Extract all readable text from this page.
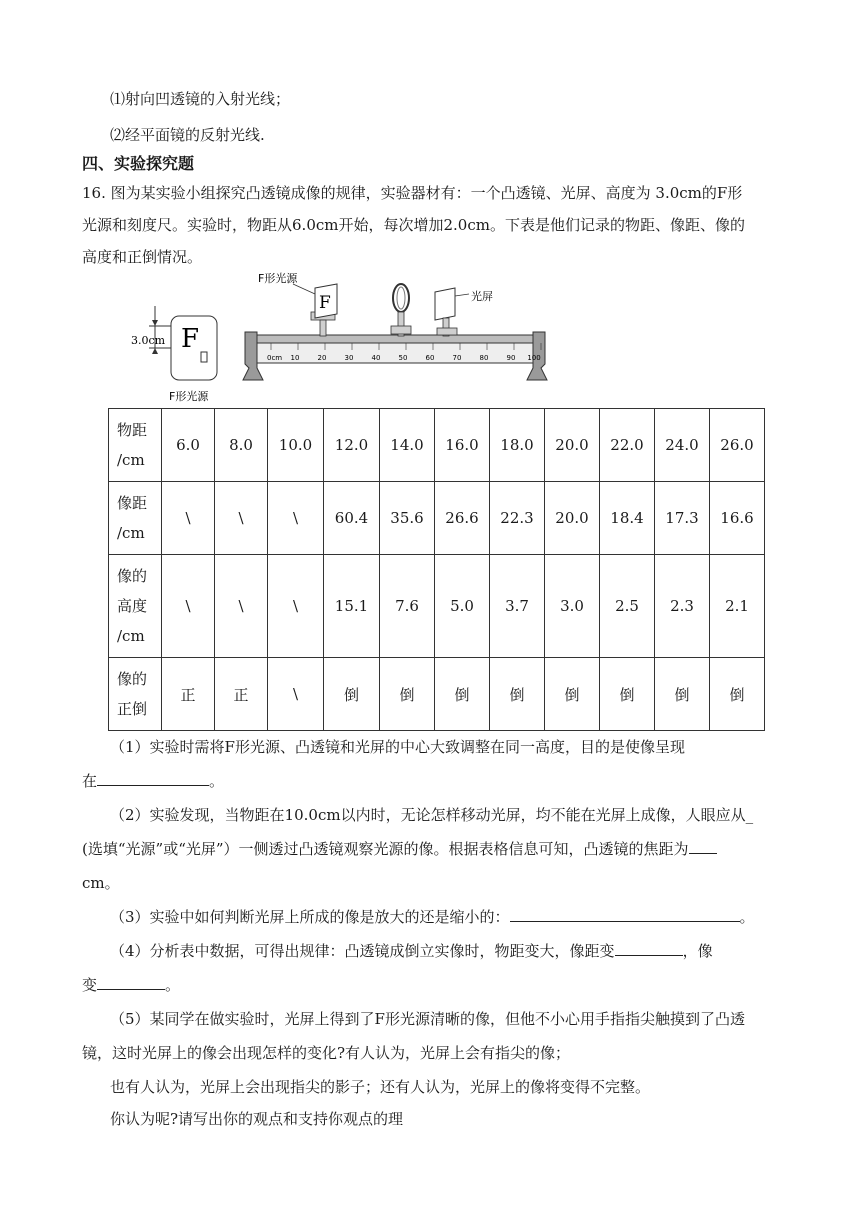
⑴射向凹透镜的入射光线；
⑵经平面镜的反射光线.
四、实验探究题
16. 图为某实验小组探究凸透镜成像的规律，实验器材有：一个凸透镜、光屏、高度为 3.0cm的F形
光源和刻度尺。实验时，物距从6.0cm开始，每次增加2.0cm。下表是他们记录的物距、像距、像的
高度和正倒情况。
3.0cm F
F形光源
0cm 10	20	30	40	50	60	70	80	90 100
F
F形光源
光屏
物距
/cm	6.0	8.0	10.0	12.0	14.0	16.0	18.0	20.0	22.0	24.0	26.0
像距
/cm	\	\	\	60.4	35.6	26.6	22.3	20.0	18.4	17.3	16.6
像的
高度
/cm	\	\	\	15.1	7.6	5.0	3.7	3.0	2.5	2.3	2.1
像的
正倒	正	正	\	倒	倒	倒	倒	倒	倒	倒	倒
（1）实验时需将F形光源、凸透镜和光屏的中心大致调整在同一高度，目的是使像呈现
在	。
（2）实验发现，当物距在10.0cm以内时，无论怎样移动光屏，均不能在光屏上成像，人眼应从_
(选填“光源”或“光屏”）一侧透过凸透镜观察光源的像。根据表格信息可知，凸透镜的焦距为
cm。
（3）实验中如何判断光屏上所成的像是放大的还是缩小的：	。
（4）分析表中数据，可得出规律：凸透镜成倒立实像时，物距变大，像距变	，像
变	。
（5）某同学在做实验时，光屏上得到了F形光源清晰的像，但他不小心用手指指尖触摸到了凸透
镜，这时光屏上的像会出现怎样的变化?有人认为，光屏上会有指尖的像；
也有人认为，光屏上会出现指尖的影子；还有人认为，光屏上的像将变得不完整。
你认为呢?请写出你的观点和支持你观点的理
